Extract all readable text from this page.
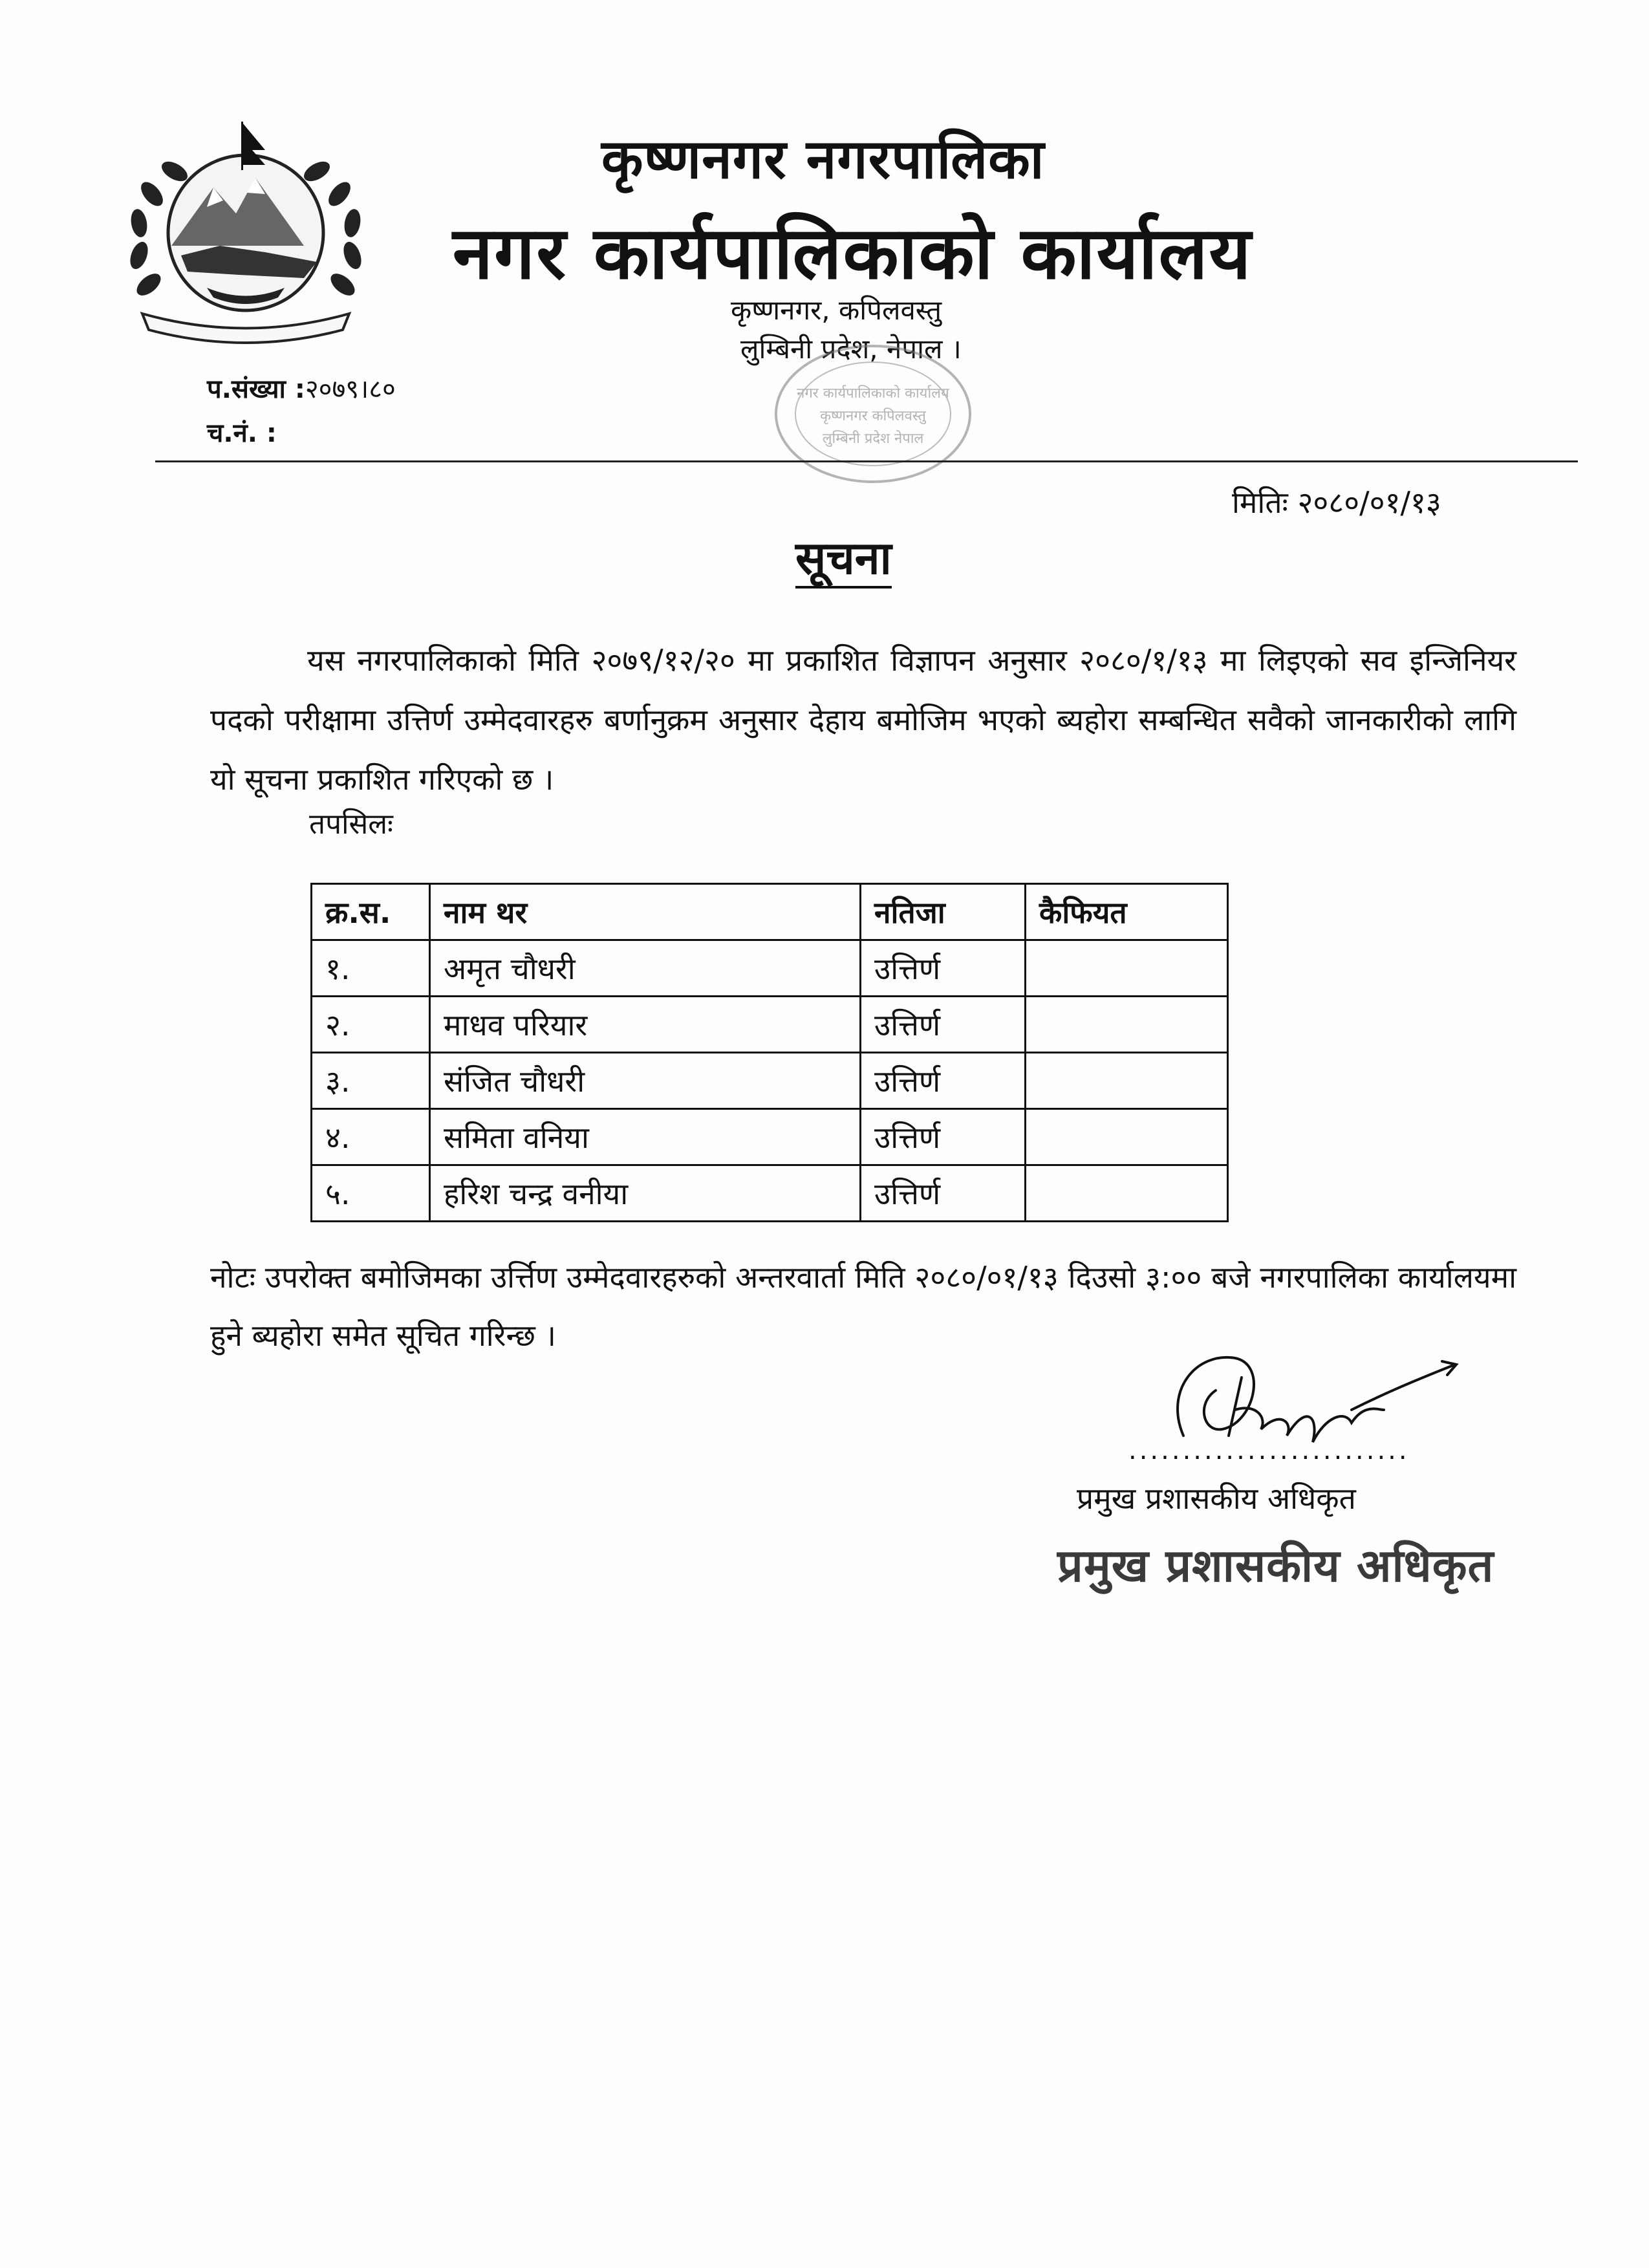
कृष्णनगर नगरपालिका
नगर कार्यपालिकाको कार्यालय
कृष्णनगर, कपिलवस्तु
लुम्बिनी प्रदेश, नेपाल ।
नगर कार्यपालिकाको कार्यालय
कृष्णनगर कपिलवस्तु
लुम्बिनी प्रदेश नेपाल
प.संख्या :२०७९।८०
च.नं. :
मितिः २०८०/०१/१३
सूचना
यस नगरपालिकाको मिति २०७९/१२/२० मा प्रकाशित विज्ञापन अनुसार २०८०/१/१३ मा लिइएको सव इन्जिनियर पदको परीक्षामा उत्तिर्ण उम्मेदवारहरु बर्णानुक्रम अनुसार देहाय बमोजिम भएको ब्यहोरा सम्बन्धित सवैको जानकारीको लागि यो सूचना प्रकाशित गरिएको छ ।
तपसिलः
क्र.स.	नाम थर	नतिजा	कैफियत
१.	अमृत चौधरी	उत्तिर्ण	
२.	माधव परियार	उत्तिर्ण	
३.	संजित चौधरी	उत्तिर्ण	
४.	समिता वनिया	उत्तिर्ण	
५.	हरिश चन्द्र वनीया	उत्तिर्ण	
नोटः उपरोक्त बमोजिमका उर्त्तिण उम्मेदवारहरुको अन्तरवार्ता मिति २०८०/०१/१३ दिउसो ३:०० बजे नगरपालिका कार्यालयमा हुने ब्यहोरा समेत सूचित गरिन्छ ।
..........................
प्रमुख प्रशासकीय अधिकृत
प्रमुख प्रशासकीय अधिकृत
